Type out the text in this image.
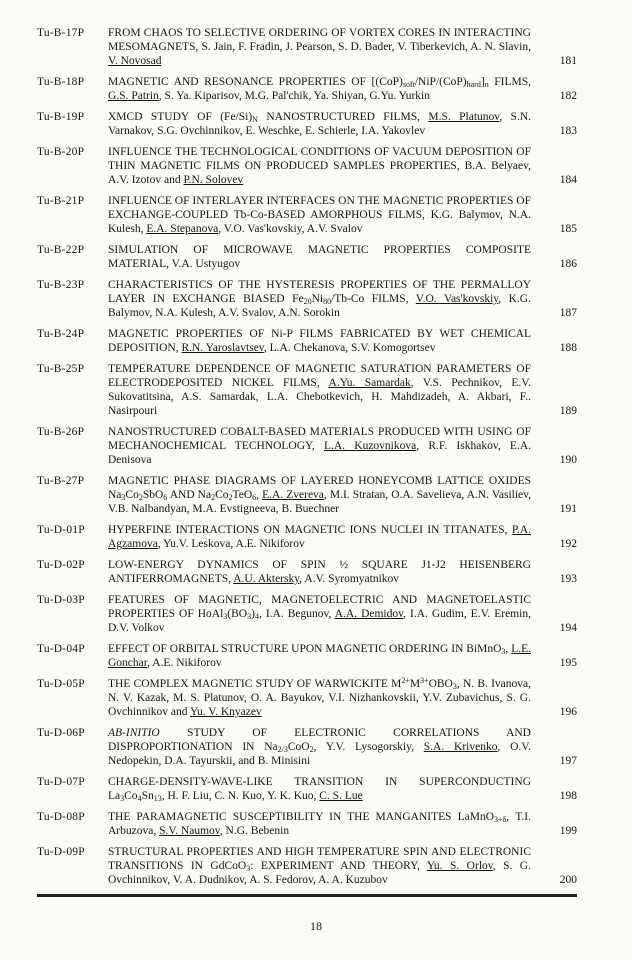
Tu-B-17P	FROM CHAOS TO SELECTIVE ORDERING OF VORTEX CORES IN INTERACTING MESOMAGNETS, S. Jain, F. Fradin, J. Pearson, S. D. Bader, V. Tiberkevich, A. N. Slavin, V. Novosad	181
Tu-B-18P	MAGNETIC AND RESONANCE PROPERTIES OF $[(CoP)_{soft}/NiP/(CoP)_{hard}]_n$ FILMS, G.S. Patrin, S. Ya. Kiparisov, M.G. Pal'chik, Ya. Shiyan, G.Yu. Yurkin	182
Tu-B-19P	XMCD STUDY OF $(Fe/Si)_N$ NANOSTRUCTURED FILMS, M.S. Platunov, S.N. Varnakov, S.G. Ovchinnikov, E. Weschke, E. Schierle, I.A. Yakovlev	183
Tu-B-20P	INFLUENCE THE TECHNOLOGICAL CONDITIONS OF VACUUM DEPOSITION OF THIN MAGNETIC FILMS ON PRODUCED SAMPLES PROPERTIES, B.A. Belyaev, A.V. Izotov and P.N. Solovev	184
Tu-B-21P	INFLUENCE OF INTERLAYER INTERFACES ON THE MAGNETIC PROPERTIES OF EXCHANGE-COUPLED Tb-Co-BASED AMORPHOUS FILMS, K.G. Balymov, N.A. Kulesh, E.A. Stepanova, V.O. Vas'kovskiy, A.V. Svalov	185
Tu-B-22P	SIMULATION OF MICROWAVE MAGNETIC PROPERTIES COMPOSITE MATERIAL, V.A. Ustyugov	186
Tu-B-23P	CHARACTERISTICS OF THE HYSTERESIS PROPERTIES OF THE PERMALLOY LAYER IN EXCHANGE BIASED $Fe_{20}Ni_{80}/Tb-Co$ FILMS, V.O. Vas'kovskiy, K.G. Balymov, N.A. Kulesh, A.V. Svalov, A.N. Sorokin	187
Tu-B-24P	MAGNETIC PROPERTIES OF Ni-P FILMS FABRICATED BY WET CHEMICAL DEPOSITION, R.N. Yaroslavtsev, L.A. Chekanova, S.V. Komogortsev	188
Tu-B-25P	TEMPERATURE DEPENDENCE OF MAGNETIC SATURATION PARAMETERS OF ELECTRODEPOSITED NICKEL FILMS, A.Yu. Samardak, V.S. Pechnikov, E.V. Sukovatitsina, A.S. Samardak, L.A. Chebotkevich, H. Mahdizadeh, A. Akbari, F.. Nasirpouri	189
Tu-B-26P	NANOSTRUCTURED COBALT-BASED MATERIALS PRODUCED WITH USING OF MECHANOCHEMICAL TECHNOLOGY, L.A. Kuzovnikova, R.F. Iskhakov, E.A. Denisova	190
Tu-B-27P	MAGNETIC PHASE DIAGRAMS OF LAYERED HONEYCOMB LATTICE OXIDES $Na_3Co_2SbO_6$ AND $Na_2Co_2TeO_6$, E.A. Zvereva, M.I. Stratan, O.A. Savelieva, A.N. Vasiliev, V.B. Nalbandyan, M.A. Evstigneeva, B. Buechner	191
Tu-D-01P	HYPERFINE INTERACTIONS ON MAGNETIC IONS NUCLEI IN TITANATES, P.A. Agzamova, Yu.V. Leskova, A.E. Nikiforov	192
Tu-D-02P	LOW-ENERGY DYNAMICS OF SPIN ½ SQUARE J1-J2 HEISENBERG ANTIFERROMAGNETS, A.U. Aktersky, A.V. Syromyatnikov	193
Tu-D-03P	FEATURES OF MAGNETIC, MAGNETOELECTRIC AND MAGNETOELASTIC PROPERTIES OF $HoAl_3(BO_3)_4$, I.A. Begunov, A.A. Demidov, I.A. Gudim, E.V. Eremin, D.V. Volkov	194
Tu-D-04P	EFFECT OF ORBITAL STRUCTURE UPON MAGNETIC ORDERING IN BiMnO$_3$, L.E. Gonchar, A.E. Nikiforov	195
Tu-D-05P	THE COMPLEX MAGNETIC STUDY OF WARWICKITE $M^{2+}M^{3+}OBO_3$, N. B. Ivanova, N. V. Kazak, M. S. Platunov, O. A. Bayukov, V.I. Nizhankovskii, Y.V. Zubavichus, S. G. Ovchinnikov and Yu. V. Knyazev	196
Tu-D-06P	AB-INITIO STUDY OF ELECTRONIC CORRELATIONS AND DISPROPORTIONATION IN $Na_{2/3}CoO_2$, Y.V. Lysogorskiy, S.A. Krivenko, O.V. Nedopekin, D.A. Tayurskii, and B. Minisini	197
Tu-D-07P	CHARGE-DENSITY-WAVE-LIKE TRANSITION IN SUPERCONDUCTING $La_3Co_4Sn_{13}$, H. F. Liu, C. N. Kuo, Y. K. Kuo, C. S. Lue	198
Tu-D-08P	THE PARAMAGNETIC SUSCEPTIBILITY IN THE MANGANITES LaMnO$_{3+\delta}$, T.I. Arbuzova, S.V. Naumov, N.G. Bebenin	199
Tu-D-09P	STRUCTURAL PROPERTIES AND HIGH TEMPERATURE SPIN AND ELECTRONIC TRANSITIONS IN GdCoO$_3$: EXPERIMENT AND THEORY, Yu. S. Orlov, S. G. Ovchinnikov, V. A. Dudnikov, A. S. Fedorov, A. A. Kuzubov	200
18
